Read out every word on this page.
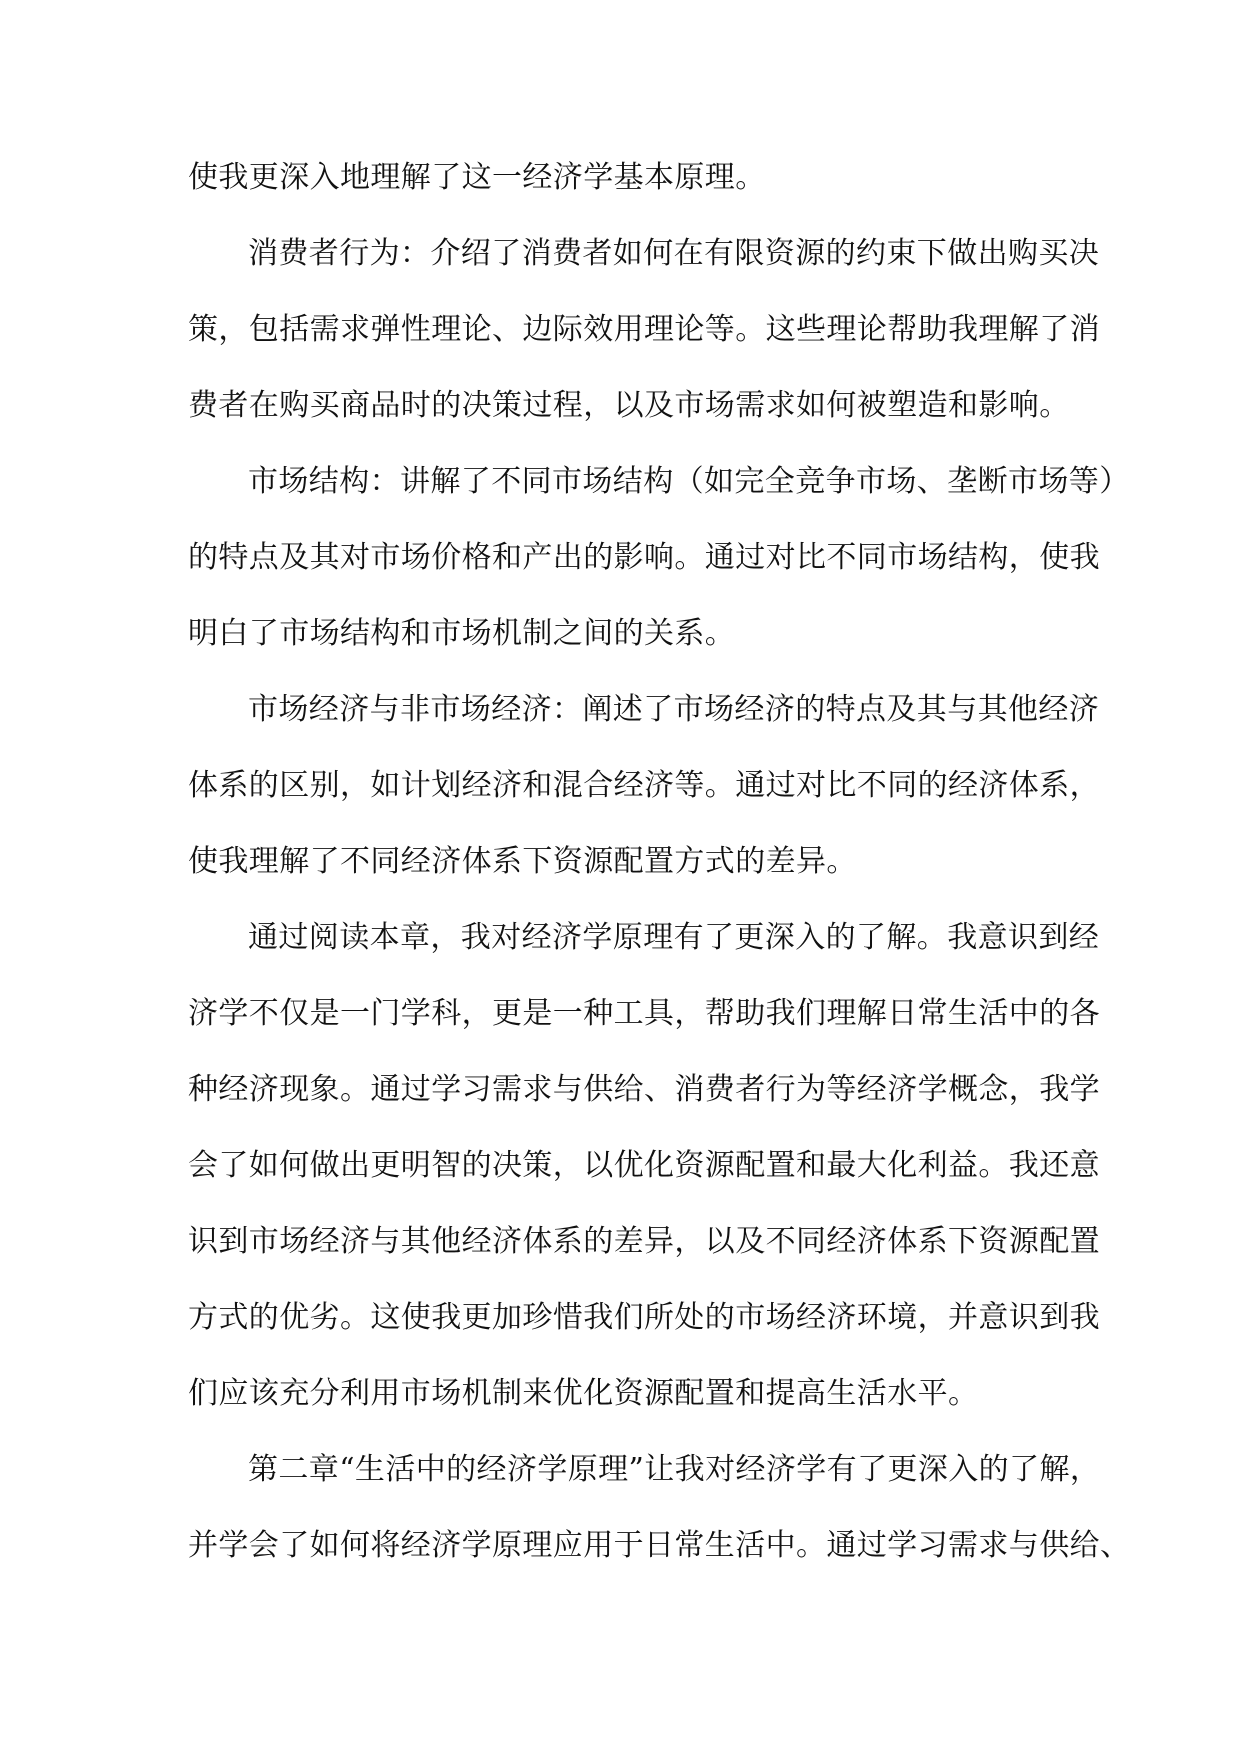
使我更深入地理解了这一经济学基本原理。
消费者行为：介绍了消费者如何在有限资源的约束下做出购买决
策，包括需求弹性理论、边际效用理论等。这些理论帮助我理解了消
费者在购买商品时的决策过程，以及市场需求如何被塑造和影响。
市场结构：讲解了不同市场结构（如完全竞争市场、垄断市场等）
的特点及其对市场价格和产出的影响。通过对比不同市场结构，使我
明白了市场结构和市场机制之间的关系。
市场经济与非市场经济：阐述了市场经济的特点及其与其他经济
体系的区别，如计划经济和混合经济等。通过对比不同的经济体系，
使我理解了不同经济体系下资源配置方式的差异。
通过阅读本章，我对经济学原理有了更深入的了解。我意识到经
济学不仅是一门学科，更是一种工具，帮助我们理解日常生活中的各
种经济现象。通过学习需求与供给、消费者行为等经济学概念，我学
会了如何做出更明智的决策，以优化资源配置和最大化利益。我还意
识到市场经济与其他经济体系的差异，以及不同经济体系下资源配置
方式的优劣。这使我更加珍惜我们所处的市场经济环境，并意识到我
们应该充分利用市场机制来优化资源配置和提高生活水平。
第二章“生活中的经济学原理”让我对经济学有了更深入的了解，
并学会了如何将经济学原理应用于日常生活中。通过学习需求与供给、
